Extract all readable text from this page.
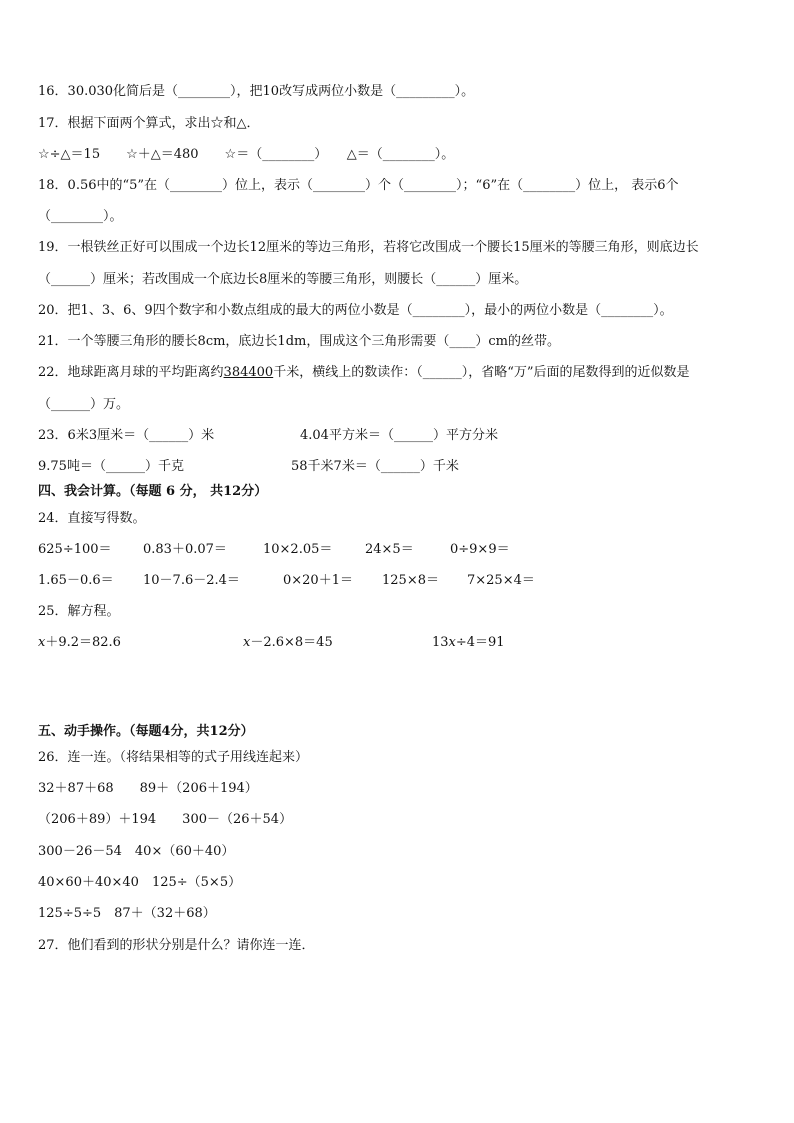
16．30.030化简后是（________），把10改写成两位小数是（_________）。
17．根据下面两个算式，求出☆和△．
☆÷△＝15　　☆＋△＝480　　☆＝（________）　　△＝（________）。
18．0.56中的“5”在（________）位上，表示（________）个（________）；“6”在（________）位上， 表示6个
（________）。
19．一根铁丝正好可以围成一个边长12厘米的等边三角形，若将它改围成一个腰长15厘米的等腰三角形，则底边长
（______）厘米；若改围成一个底边长8厘米的等腰三角形，则腰长（______）厘米。
20．把1、3、6、9四个数字和小数点组成的最大的两位小数是（________），最小的两位小数是（________）。
21．一个等腰三角形的腰长8cm，底边长1dm，围成这个三角形需要（____）cm的丝带。
22．地球距离月球的平均距离约384400千米，横线上的数读作：（______），省略“万”后面的尾数得到的近似数是
（______）万。
23．6米3厘米＝（______）米	4.04平方米＝（______）平方分米
9.75吨＝（______）千克	58千米7米＝（______）千米
四、我会计算。（每题 6 分， 共12分）
24．直接写得数。
625÷100＝ 0.83＋0.07＝	10×2.05＝	24×5＝	0÷9×9＝
1.65－0.6＝ 10－7.6－2.4＝	0×20＋1＝ 125×8＝ 7×25×4＝
25．解方程。
𝑥＋9.2＝82.6	𝑥－2.6×8＝45	13𝑥÷4＝91
五、动手操作。（每题4分，共12分）
26．连一连。（将结果相等的式子用线连起来）
32＋87＋68　　89＋（206＋194）
（206＋89）＋194　　300－（26＋54）
300－26－54　40×（60＋40）
40×60＋40×40　125÷（5×5）
125÷5÷5　87＋（32＋68）
27．他们看到的形状分别是什么？请你连一连．
